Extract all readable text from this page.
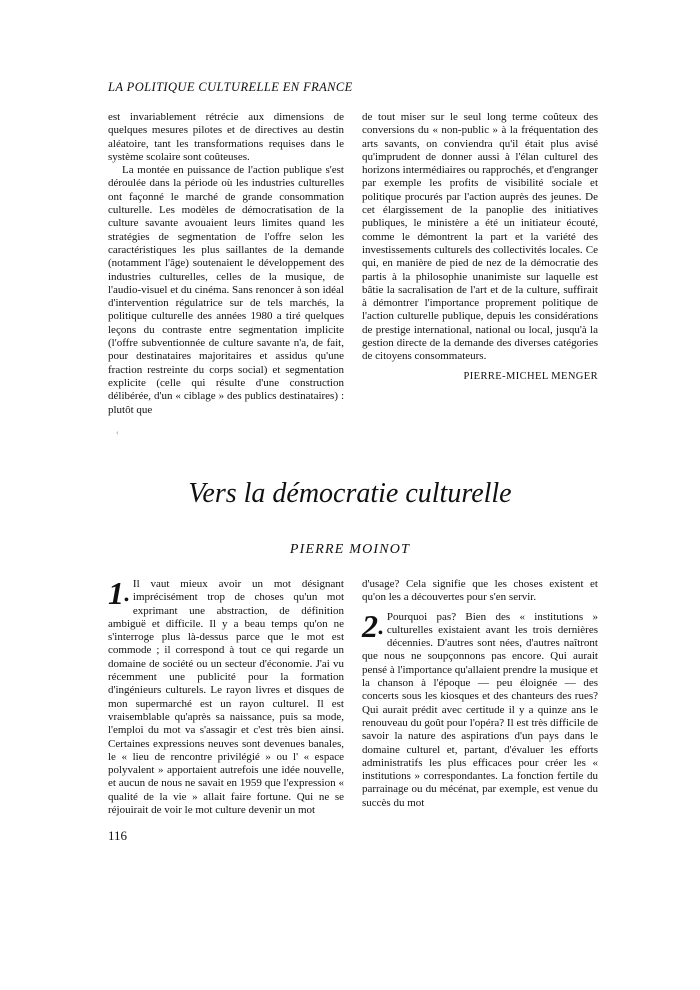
LA POLITIQUE CULTURELLE EN FRANCE

est invariablement rétrécie aux dimensions de quelques mesures pilotes et de directives au destin aléatoire, tant les transformations requises dans le système scolaire sont coûteuses.

La montée en puissance de l'action publique s'est déroulée dans la période où les industries culturelles ont façonné le marché de grande consommation culturelle. Les modèles de démocratisation de la culture savante avouaient leurs limites quand les stratégies de segmentation de l'offre selon les caractéristiques les plus saillantes de la demande (notamment l'âge) soutenaient le développement des industries culturelles, celles de la musique, de l'audio-visuel et du cinéma. Sans renoncer à son idéal d'intervention régulatrice sur de tels marchés, la politique culturelle des années 1980 a tiré quelques leçons du contraste entre segmentation implicite (l'offre subventionnée de culture savante n'a, de fait, pour destinataires majoritaires et assidus qu'une fraction restreinte du corps social) et segmentation explicite (celle qui résulte d'une construction délibérée, d'un « ciblage » des publics destinataires) : plutôt que

de tout miser sur le seul long terme coûteux des conversions du « non-public » à la fréquentation des arts savants, on conviendra qu'il était plus avisé qu'imprudent de donner aussi à l'élan culturel des horizons intermédiaires ou rapprochés, et d'engranger par exemple les profits de visibilité sociale et politique procurés par l'action auprès des jeunes. De cet élargissement de la panoplie des initiatives publiques, le ministère a été un initiateur écouté, comme le démontrent la part et la variété des investissements culturels des collectivités locales. Ce qui, en manière de pied de nez de la démocratie des partis à la philosophie unanimiste sur laquelle est bâtie la sacralisation de l'art et de la culture, suffirait à démontrer l'importance proprement politique de l'action culturelle publique, depuis les considérations de prestige international, national ou local, jusqu'à la gestion directe de la demande des diverses catégories de citoyens consommateurs.

PIERRE-MICHEL MENGER
‹
Vers la démocratie culturelle
PIERRE MOINOT

1•
Il vaut mieux avoir un mot désignant imprécisément trop de choses qu'un mot exprimant une abstraction, de définition ambiguë et difficile. Il y a beau temps qu'on ne s'interroge plus là-dessus parce que le mot est commode ; il correspond à tout ce qui regarde un domaine de société ou un secteur d'économie. J'ai vu récemment une publicité pour la formation d'ingénieurs culturels. Le rayon livres et disques de mon supermarché est un rayon culturel. Il est vraisemblable qu'après sa naissance, puis sa mode, l'emploi du mot va s'assagir et c'est très bien ainsi. Certaines expressions neuves sont devenues banales, le « lieu de rencontre privilégié » ou l' « espace polyvalent » apportaient autrefois une idée nouvelle, et aucun de nous ne savait en 1959 que l'expression « qualité de la vie » allait faire fortune. Qui ne se réjouirait de voir le mot culture devenir un mot

d'usage? Cela signifie que les choses existent et qu'on les a découvertes pour s'en servir.

2•
Pourquoi pas? Bien des « institutions » culturelles existaient avant les trois dernières décennies. D'autres sont nées, d'autres naîtront que nous ne soupçonnons pas encore. Qui aurait pensé à l'importance qu'allaient prendre la musique et la chanson à l'époque — peu éloignée — des concerts sous les kiosques et des chanteurs des rues? Qui aurait prédit avec certitude il y a quinze ans le renouveau du goût pour l'opéra? Il est très difficile de savoir la nature des aspirations d'un pays dans le domaine culturel et, partant, d'évaluer les efforts administratifs les plus efficaces pour créer les « institutions » correspondantes. La fonction fertile du parrainage ou du mécénat, par exemple, est venue du succès du mot

116
